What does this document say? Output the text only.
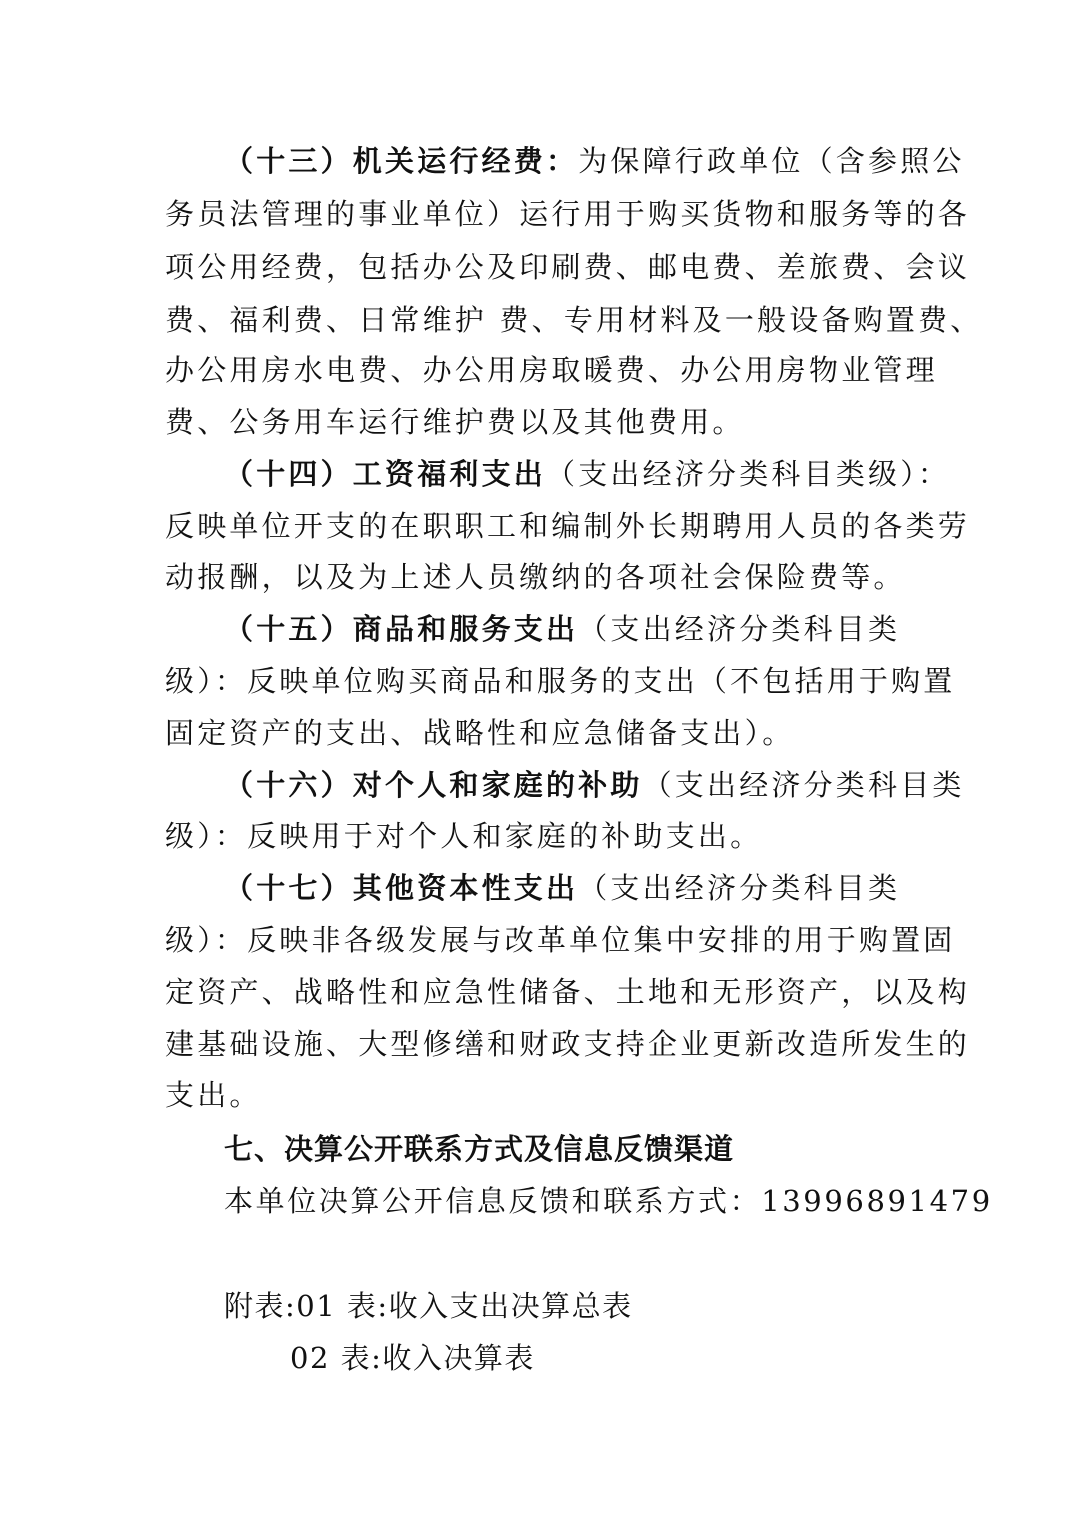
（十三）机关运行经费：为保障行政单位（含参照公
务员法管理的事业单位）运行用于购买货物和服务等的各
项公用经费，包括办公及印刷费、邮电费、差旅费、会议
费、福利费、日常维护 费、专用材料及一般设备购置费、
办公用房水电费、办公用房取暖费、办公用房物业管理
费、公务用车运行维护费以及其他费用。
（十四）工资福利支出（支出经济分类科目类级）：
反映单位开支的在职职工和编制外长期聘用人员的各类劳
动报酬，以及为上述人员缴纳的各项社会保险费等。
（十五）商品和服务支出（支出经济分类科目类
级）：反映单位购买商品和服务的支出（不包括用于购置
固定资产的支出、战略性和应急储备支出）。
（十六）对个人和家庭的补助（支出经济分类科目类
级）：反映用于对个人和家庭的补助支出。
（十七）其他资本性支出（支出经济分类科目类
级）：反映非各级发展与改革单位集中安排的用于购置固
定资产、战略性和应急性储备、土地和无形资产，以及构
建基础设施、大型修缮和财政支持企业更新改造所发生的
支出。
七、决算公开联系方式及信息反馈渠道
本单位决算公开信息反馈和联系方式：13996891479
附表:01 表:收入支出决算总表
02 表:收入决算表
